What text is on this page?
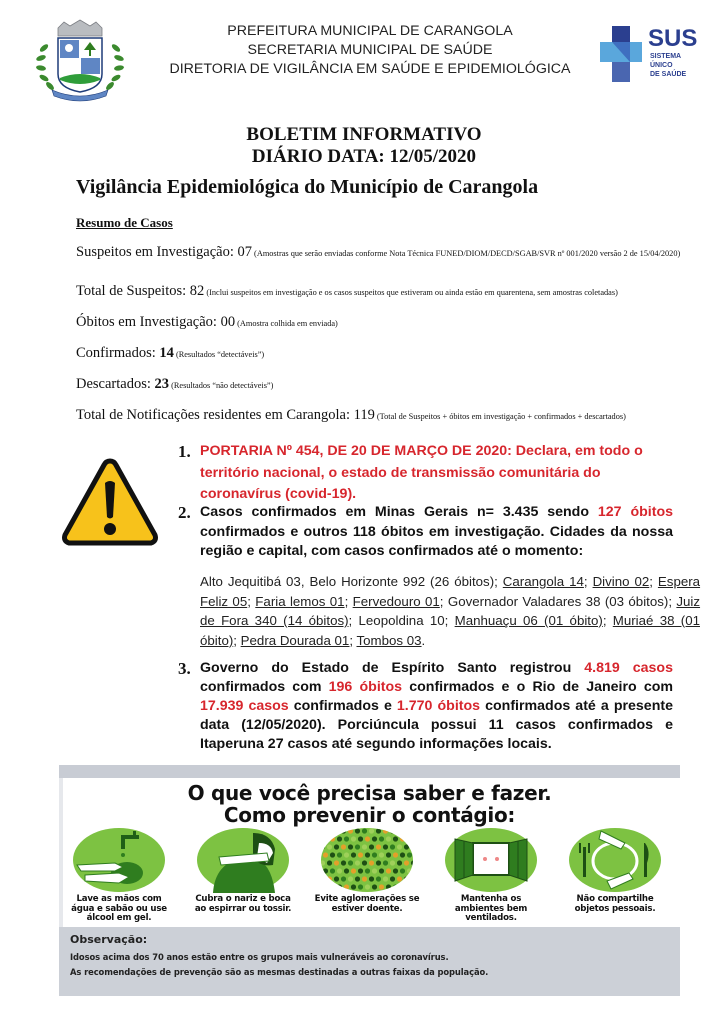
PREFEITURA MUNICIPAL DE CARANGOLA
SECRETARIA MUNICIPAL DE SAÚDE
DIRETORIA DE VIGILÂNCIA EM SAÚDE E EPIDEMIOLÓGICA
SUS
SISTEMA
ÚNICO
DE SAÚDE
BOLETIM INFORMATIVO
DIÁRIO DATA: 12/05/2020
Vigilância Epidemiológica do Município de Carangola
Resumo de Casos
Suspeitos em Investigação: 07 (Amostras que serão enviadas conforme Nota Técnica FUNED/DIOM/DECD/SGAB/SVR nº 001/2020 versão 2 de 15/04/2020)
Total de Suspeitos: 82 (Inclui suspeitos em investigação e os casos suspeitos que estiveram ou ainda estão em quarentena, sem amostras coletadas)
Óbitos em Investigação: 00 (Amostra colhida em enviada)
Confirmados: 14 (Resultados “detectáveis”)
Descartados: 23 (Resultados “não detectáveis”)
Total de Notificações residentes em Carangola: 119 (Total de Suspeitos + óbitos em investigação + confirmados + descartados)
1. PORTARIA Nº 454, DE 20 DE MARÇO DE 2020: Declara, em todo o território nacional, o estado de transmissão comunitária do coronavírus (covid-19).
2. Casos confirmados em Minas Gerais n= 3.435 sendo 127 óbitos confirmados e outros 118 óbitos em investigação. Cidades da nossa região e capital, com casos confirmados até o momento:
Alto Jequitibá 03, Belo Horizonte 992 (26 óbitos); Carangola 14; Divino 02; Espera Feliz 05; Faria lemos 01; Fervedouro 01; Governador Valadares 38 (03 óbitos); Juiz de Fora 340 (14 óbitos); Leopoldina 10; Manhuaçu 06 (01 óbito); Muriaé 38 (01 óbito); Pedra Dourada 01; Tombos 03.
3. Governo do Estado de Espírito Santo registrou 4.819 casos confirmados com 196 óbitos confirmados e o Rio de Janeiro com 17.939 casos confirmados e 1.770 óbitos confirmados até a presente data (12/05/2020). Porciúncula possui 11 casos confirmados e Itaperuna 27 casos até segundo informações locais.
O que você precisa saber e fazer.
Como prevenir o contágio:
Lave as mãos com
água e sabão ou use
álcool em gel.
Cubra o nariz e boca
ao espirrar ou tossir.
Evite aglomerações se
estiver doente.
Mantenha os
ambientes bem
ventilados.
Não compartilhe
objetos pessoais.
Observação:
Idosos acima dos 70 anos estão entre os grupos mais vulneráveis ao coronavírus.
As recomendações de prevenção são as mesmas destinadas a outras faixas da população.
